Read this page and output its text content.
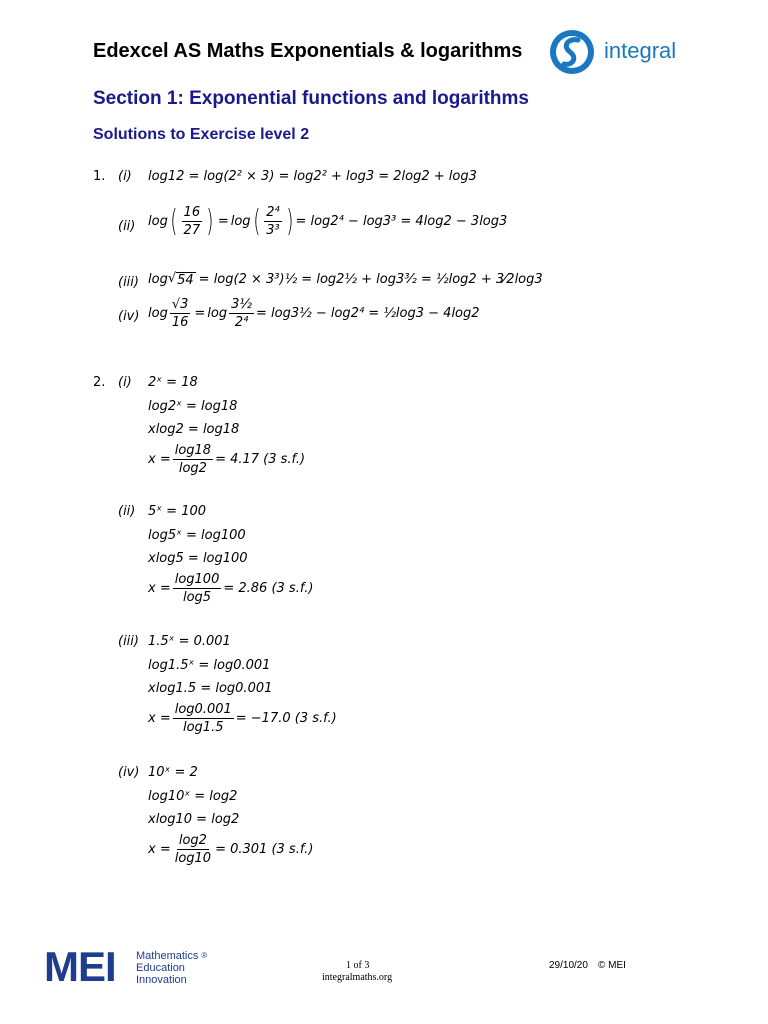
Edexcel AS Maths Exponentials & logarithms	integral
Section 1: Exponential functions and logarithms
Solutions to Exercise level 2
1. (i) log12 = log(2² × 3) = log2² + log3 = 2log2 + log3
(ii) log ( $\frac{16}{27}$ ) = log ( $\frac{\text{2⁴}}{\text{3³}}$ ) = log2⁴ − log3³ = 4log2 − 3log3
(iii) log √ 54 = log(2 × 3³)½ = log2½ + log3³⁄₂ = ½log2 + 3⁄2log3
(iv) $\log \frac{√3}{16} = \log \frac{\text{3½}}{\text{2⁴}}$ = log3½ − log2⁴ = ½log3 − 4log2
2. (i) 2ˣ = 18
log2ˣ = log18
xlog2 = log18
$x = \frac{\log 18}{\log 2} = 4.17$ (3 s.f.)
(ii) 5ˣ = 100
log5ˣ = log100
xlog5 = log100
$x = \frac{\log 100}{\log 5} = 2.86$ (3 s.f.)
(iii) 1.5ˣ = 0.001
log1.5ˣ = log0.001
xlog1.5 = log0.001
$x = \frac{\log 0.001}{\log 1.5} = -17.0$ (3 s.f.)
(iv) 10ˣ = 2
log10ˣ = log2
xlog10 = log2
$x = \frac{\log 2}{\log 10} = 0.301$ (3 s.f.)
MEI Mathematics ®
Education
Innovation
1 of 3
integralmaths.org
29/10/20 © MEI
